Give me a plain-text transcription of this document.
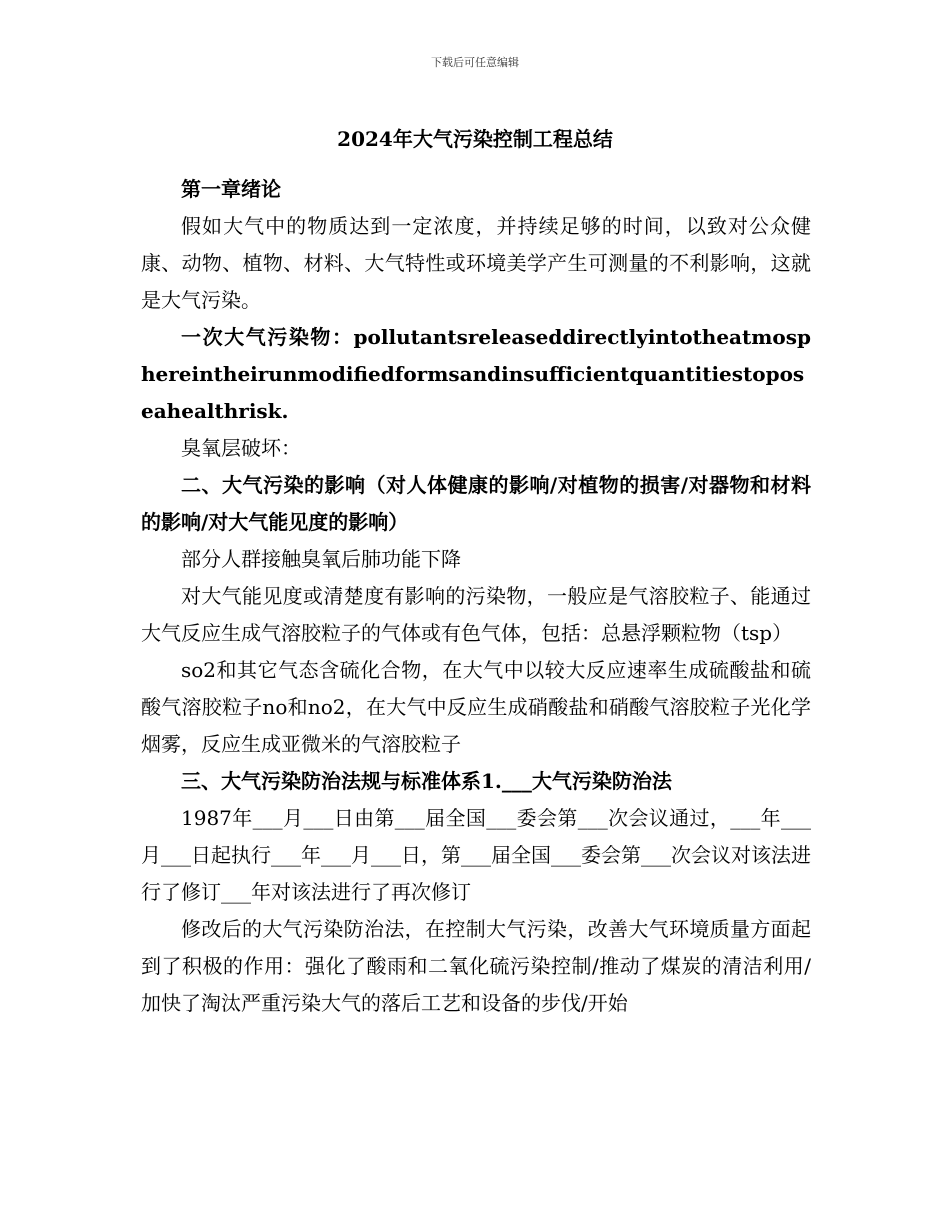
下载后可任意编辑
2024年大气污染控制工程总结

第一章绪论

假如大气中的物质达到一定浓度，并持续足够的时间，以致对公众健康、动物、植物、材料、大气特性或环境美学产生可测量的不利影响，这就是大气污染。

一次大气污染物：pollutantsreleaseddirectlyintotheatmosphereintheirunmodifiedformsandinsufficientquantitiestoposeahealthrisk.

臭氧层破坏：

二、大气污染的影响（对人体健康的影响/对植物的损害/对器物和材料的影响/对大气能见度的影响）

部分人群接触臭氧后肺功能下降

对大气能见度或清楚度有影响的污染物，一般应是气溶胶粒子、能通过大气反应生成气溶胶粒子的气体或有色气体，包括：总悬浮颗粒物（tsp）

so2和其它气态含硫化合物，在大气中以较大反应速率生成硫酸盐和硫酸气溶胶粒子no和no2，在大气中反应生成硝酸盐和硝酸气溶胶粒子光化学烟雾，反应生成亚微米的气溶胶粒子

三、大气污染防治法规与标准体系1.___大气污染防治法

1987年___月___日由第___届全国___委会第___次会议通过，___年___月___日起执行___年___月___日，第___届全国___委会第___次会议对该法进行了修订___年对该法进行了再次修订

修改后的大气污染防治法，在控制大气污染，改善大气环境质量方面起到了积极的作用：强化了酸雨和二氧化硫污染控制/推动了煤炭的清洁利用/加快了淘汰严重污染大气的落后工艺和设备的步伐/开始
